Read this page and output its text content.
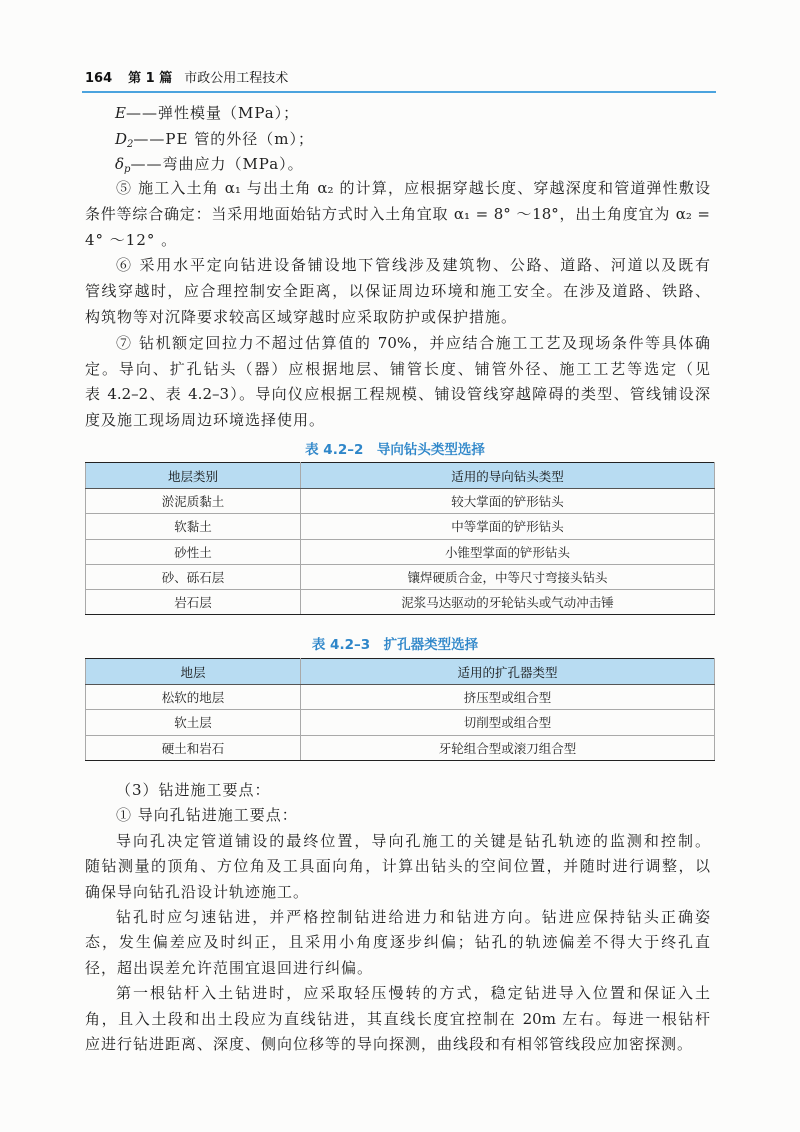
164 第 1 篇 市政公用工程技术
E——弹性模量（MPa）；
$D_2——PE$ 管的外径（m）；
$\delta_p——$弯曲应力（MPa）。
⑤ 施工入土角 α₁ 与出土角 α₂ 的计算，应根据穿越长度、穿越深度和管道弹性敷设
条件等综合确定：当采用地面始钻方式时入土角宜取 α₁ = 8° ～18°，出土角度宜为 α₂ =
4° ～12° 。
⑥ 采用水平定向钻进设备铺设地下管线涉及建筑物、公路、道路、河道以及既有
管线穿越时，应合理控制安全距离，以保证周边环境和施工安全。在涉及道路、铁路、
构筑物等对沉降要求较高区域穿越时应采取防护或保护措施。
⑦ 钻机额定回拉力不超过估算值的 70%，并应结合施工工艺及现场条件等具体确
定。导向、扩孔钻头（器）应根据地层、铺管长度、铺管外径、施工工艺等选定（见
表 4.2–2、表 4.2–3）。导向仪应根据工程规模、铺设管线穿越障碍的类型、管线铺设深
度及施工现场周边环境选择使用。
表 4.2–2　导向钻头类型选择
地层类别	适用的导向钻头类型
淤泥质黏土	较大掌面的铲形钻头
软黏土	中等掌面的铲形钻头
砂性土	小锥型掌面的铲形钻头
砂、砾石层	镶焊硬质合金，中等尺寸弯接头钻头
岩石层	泥浆马达驱动的牙轮钻头或气动冲击锤
表 4.2–3　扩孔器类型选择
地层	适用的扩孔器类型
松软的地层	挤压型或组合型
软土层	切削型或组合型
硬土和岩石	牙轮组合型或滚刀组合型
（3）钻进施工要点：
① 导向孔钻进施工要点：
导向孔决定管道铺设的最终位置，导向孔施工的关键是钻孔轨迹的监测和控制。
随钻测量的顶角、方位角及工具面向角，计算出钻头的空间位置，并随时进行调整，以
确保导向钻孔沿设计轨迹施工。
钻孔时应匀速钻进，并严格控制钻进给进力和钻进方向。钻进应保持钻头正确姿
态，发生偏差应及时纠正，且采用小角度逐步纠偏；钻孔的轨迹偏差不得大于终孔直
径，超出误差允许范围宜退回进行纠偏。
第一根钻杆入土钻进时，应采取轻压慢转的方式，稳定钻进导入位置和保证入土
角，且入土段和出土段应为直线钻进，其直线长度宜控制在 20m 左右。每进一根钻杆
应进行钻进距离、深度、侧向位移等的导向探测，曲线段和有相邻管线段应加密探测。
